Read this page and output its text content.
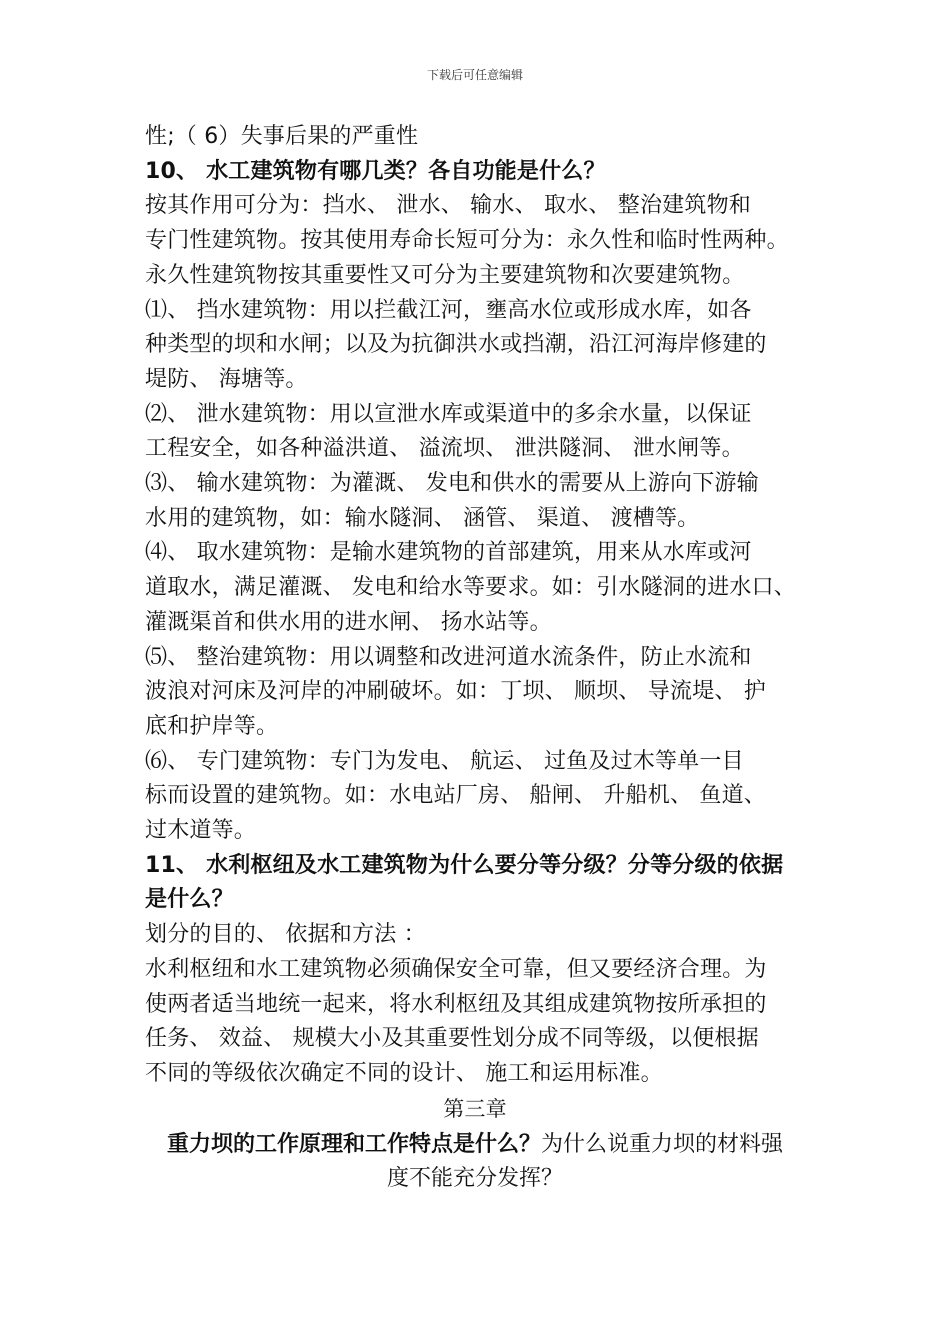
下载后可任意编辑
性;（ 6）失事后果的严重性
10、 水工建筑物有哪几类？各自功能是什么？
按其作用可分为：挡水、 泄水、 输水、 取水、 整治建筑物和
专门性建筑物。按其使用寿命长短可分为：永久性和临时性两种。
永久性建筑物按其重要性又可分为主要建筑物和次要建筑物。
⑴、 挡水建筑物：用以拦截江河，壅高水位或形成水库，如各
种类型的坝和水闸；以及为抗御洪水或挡潮，沿江河海岸修建的
堤防、 海塘等。
⑵、 泄水建筑物：用以宣泄水库或渠道中的多余水量，以保证
工程安全，如各种溢洪道、 溢流坝、 泄洪隧洞、 泄水闸等。
⑶、 输水建筑物：为灌溉、 发电和供水的需要从上游向下游输
水用的建筑物，如：输水隧洞、 涵管、 渠道、 渡槽等。
⑷、 取水建筑物：是输水建筑物的首部建筑，用来从水库或河
道取水，满足灌溉、 发电和给水等要求。如：引水隧洞的进水口、
灌溉渠首和供水用的进水闸、 扬水站等。
⑸、 整治建筑物：用以调整和改进河道水流条件，防止水流和
波浪对河床及河岸的冲刷破坏。如：丁坝、 顺坝、 导流堤、 护
底和护岸等。
⑹、 专门建筑物：专门为发电、 航运、 过鱼及过木等单一目
标而设置的建筑物。如：水电站厂房、 船闸、 升船机、 鱼道、
过木道等。
11、 水利枢纽及水工建筑物为什么要分等分级？分等分级的依据
是什么？
划分的目的、 依据和方法 ：
水利枢纽和水工建筑物必须确保安全可靠，但又要经济合理。为
使两者适当地统一起来，将水利枢纽及其组成建筑物按所承担的
任务、 效益、 规模大小及其重要性划分成不同等级，以便根据
不同的等级依次确定不同的设计、 施工和运用标准。
第三章
重力坝的工作原理和工作特点是什么？为什么说重力坝的材料强
度不能充分发挥？
